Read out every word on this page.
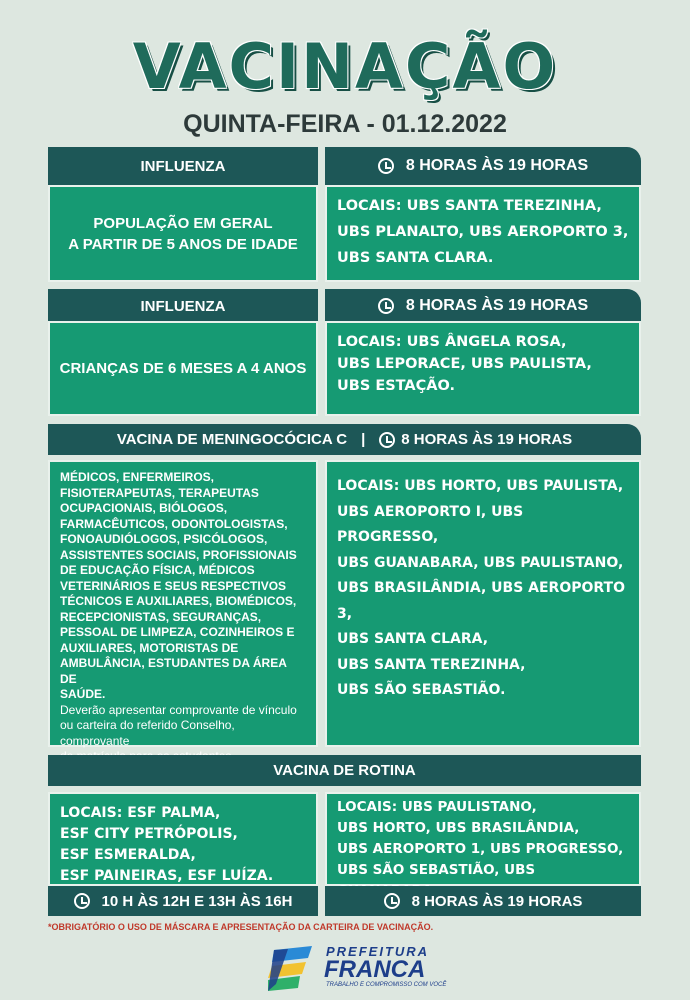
VACINAÇÃO
QUINTA-FEIRA - 01.12.2022
INFLUENZA	8 HORAS ÀS 19 HORAS
POPULAÇÃO EM GERAL
A PARTIR DE 5 ANOS DE IDADE
LOCAIS: UBS SANTA TEREZINHA,
UBS PLANALTO, UBS AEROPORTO 3,
UBS SANTA CLARA.
INFLUENZA	8 HORAS ÀS 19 HORAS
CRIANÇAS DE 6 MESES A 4 ANOS
LOCAIS: UBS ÂNGELA ROSA,
UBS LEPORACE, UBS PAULISTA,
UBS ESTAÇÃO.
VACINA DE MENINGOCÓCICA C | 8 HORAS ÀS 19 HORAS
MÉDICOS, ENFERMEIROS,
FISIOTERAPEUTAS, TERAPEUTAS
OCUPACIONAIS, BIÓLOGOS,
FARMACÊUTICOS, ODONTOLOGISTAS,
FONOAUDIÓLOGOS, PSICÓLOGOS,
ASSISTENTES SOCIAIS, PROFISSIONAIS
DE EDUCAÇÃO FÍSICA, MÉDICOS
VETERINÁRIOS E SEUS RESPECTIVOS
TÉCNICOS E AUXILIARES, BIOMÉDICOS,
RECEPCIONISTAS, SEGURANÇAS,
PESSOAL DE LIMPEZA, COZINHEIROS E
AUXILIARES, MOTORISTAS DE
AMBULÂNCIA, ESTUDANTES DA ÁREA DE
SAÚDE.
Deverão apresentar comprovante de vínculo
ou carteira do referido Conselho, comprovante
LOCAIS: UBS HORTO, UBS PAULISTA,
UBS AEROPORTO I, UBS PROGRESSO,
UBS GUANABARA, UBS PAULISTANO,
UBS BRASILÂNDIA, UBS AEROPORTO 3,
UBS SANTA CLARA,
UBS SANTA TEREZINHA,
UBS SÃO SEBASTIÃO.
VACINA DE ROTINA
LOCAIS: ESF PALMA,
ESF CITY PETRÓPOLIS,
ESF ESMERALDA,
ESF PAINEIRAS, ESF LUÍZA.
LOCAIS: UBS PAULISTANO,
UBS HORTO, UBS BRASILÂNDIA,
UBS AEROPORTO 1, UBS PROGRESSO,
UBS SÃO SEBASTIÃO, UBS
10 H ÀS 12H E 13H ÀS 16H	8 HORAS ÀS 19 HORAS
*OBRIGATÓRIO O USO DE MÁSCARA E APRESENTAÇÃO DA CARTEIRA DE VACINAÇÃO.
PREFEITURA
FRANCA
TRABALHO E COMPROMISSO COM VOCÊ
